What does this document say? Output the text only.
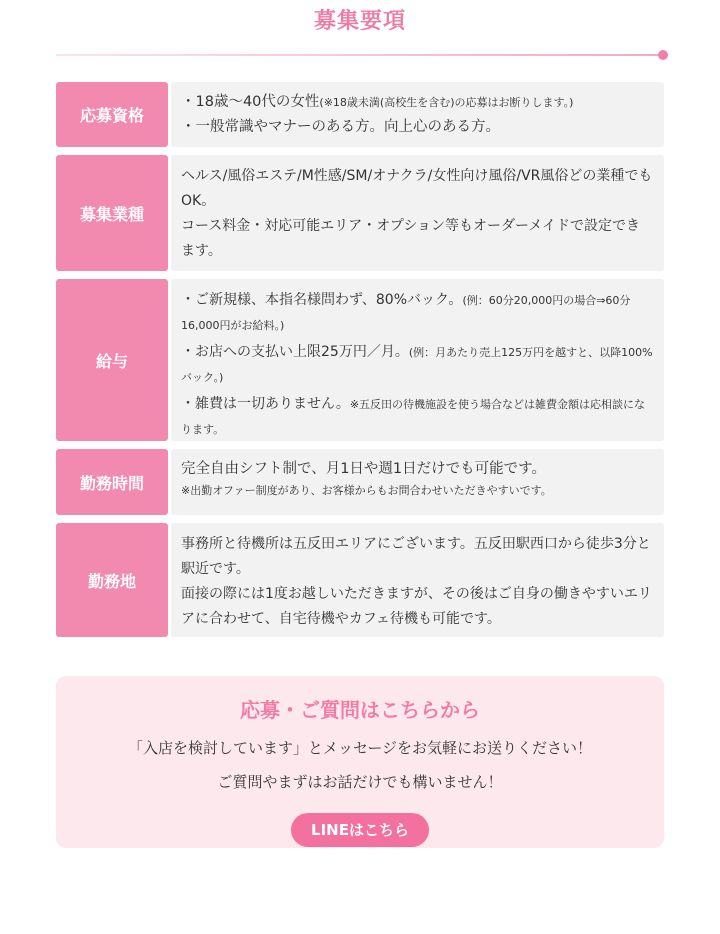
募集要項
応募資格

・18歳〜40代の女性(※18歳未満(高校生を含む)の応募はお断りします。)

・一般常識やマナーのある方。向上心のある方。

募集業種

ヘルス/風俗エステ/M性感/SM/オナクラ/女性向け風俗/VR風俗どの業種でもOK。

コース料金・対応可能エリア・オプション等もオーダーメイドで設定できます。

給与

・ご新規様、本指名様問わず、80%バック。(例：60分20,000円の場合⇒60分16,000円がお給料。)

・お店への支払い上限25万円／月。(例：月あたり売上125万円を越すと、以降100%バック。)

・雑費は一切ありません。※五反田の待機施設を使う場合などは雑費金額は応相談になります。

勤務時間

完全自由シフト制で、月1日や週1日だけでも可能です。

※出勤オファー制度があり、お客様からもお問合わせいただきやすいです。

勤務地

事務所と待機所は五反田エリアにございます。五反田駅西口から徒歩3分と駅近です。

面接の際には1度お越しいただきますが、その後はご自身の働きやすいエリアに合わせて、自宅待機やカフェ待機も可能です。

応募・ご質問はこちらから
「入店を検討しています」とメッセージをお気軽にお送りください！
ご質問やまずはお話だけでも構いません！
LINEはこちら
